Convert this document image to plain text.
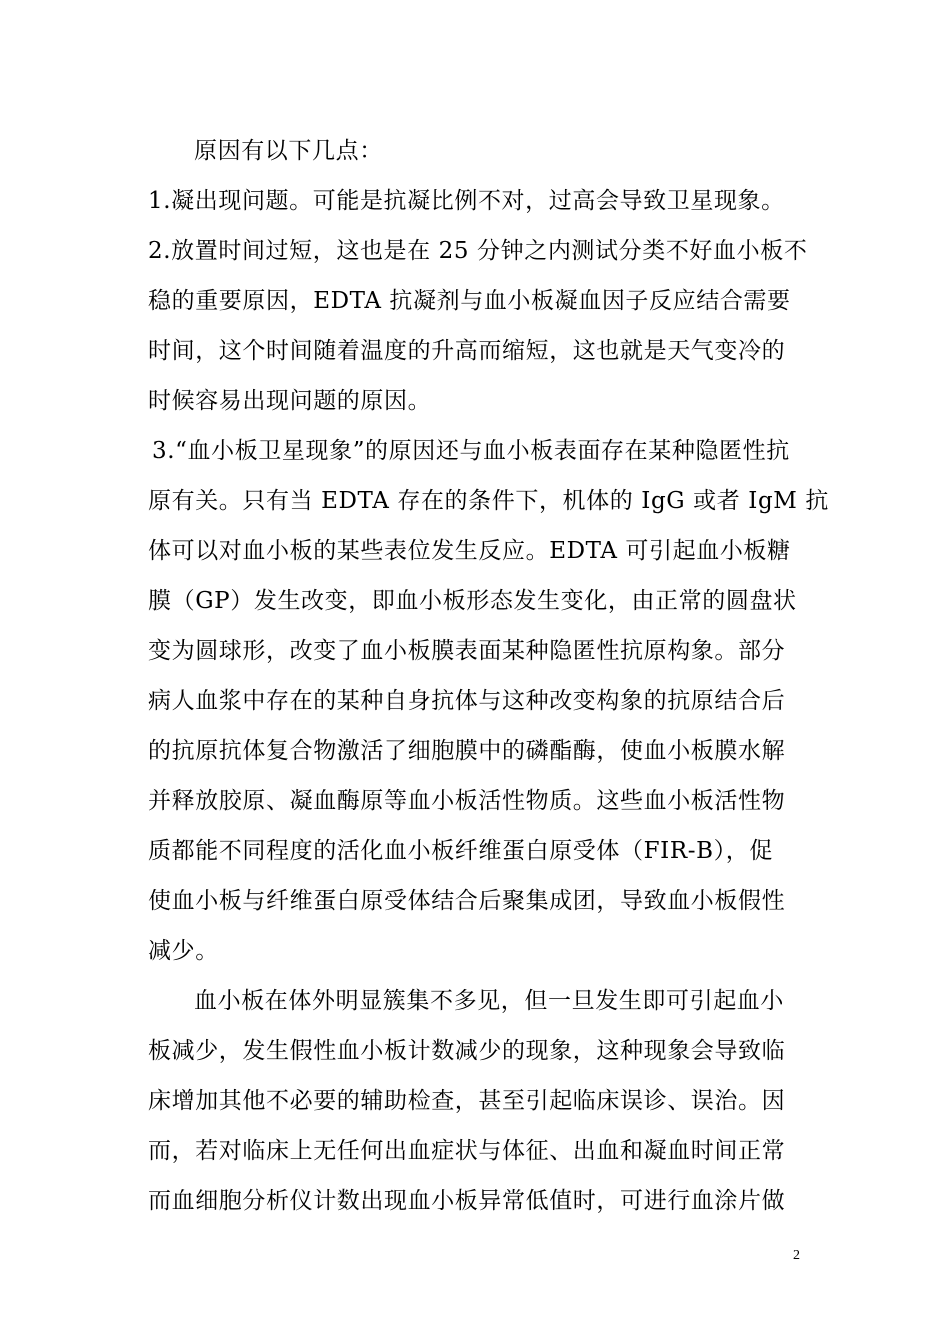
原因有以下几点：
1.凝出现问题。可能是抗凝比例不对，过高会导致卫星现象。
2.放置时间过短，这也是在 25 分钟之内测试分类不好血小板不
稳的重要原因，EDTA 抗凝剂与血小板凝血因子反应结合需要
时间，这个时间随着温度的升高而缩短，这也就是天气变冷的
时候容易出现问题的原因。
3.“血小板卫星现象”的原因还与血小板表面存在某种隐匿性抗
原有关。只有当 EDTA 存在的条件下，机体的 IgG 或者 IgM 抗
体可以对血小板的某些表位发生反应。EDTA 可引起血小板糖
膜（GP）发生改变，即血小板形态发生变化，由正常的圆盘状
变为圆球形，改变了血小板膜表面某种隐匿性抗原构象。部分
病人血浆中存在的某种自身抗体与这种改变构象的抗原结合后
的抗原抗体复合物激活了细胞膜中的磷酯酶，使血小板膜水解
并释放胶原、凝血酶原等血小板活性物质。这些血小板活性物
质都能不同程度的活化血小板纤维蛋白原受体（FIR-B），促
使血小板与纤维蛋白原受体结合后聚集成团，导致血小板假性
减少。
血小板在体外明显簇集不多见，但一旦发生即可引起血小
板减少，发生假性血小板计数减少的现象，这种现象会导致临
床增加其他不必要的辅助检查，甚至引起临床误诊、误治。因
而，若对临床上无任何出血症状与体征、出血和凝血时间正常
而血细胞分析仪计数出现血小板异常低值时，可进行血涂片做
2
